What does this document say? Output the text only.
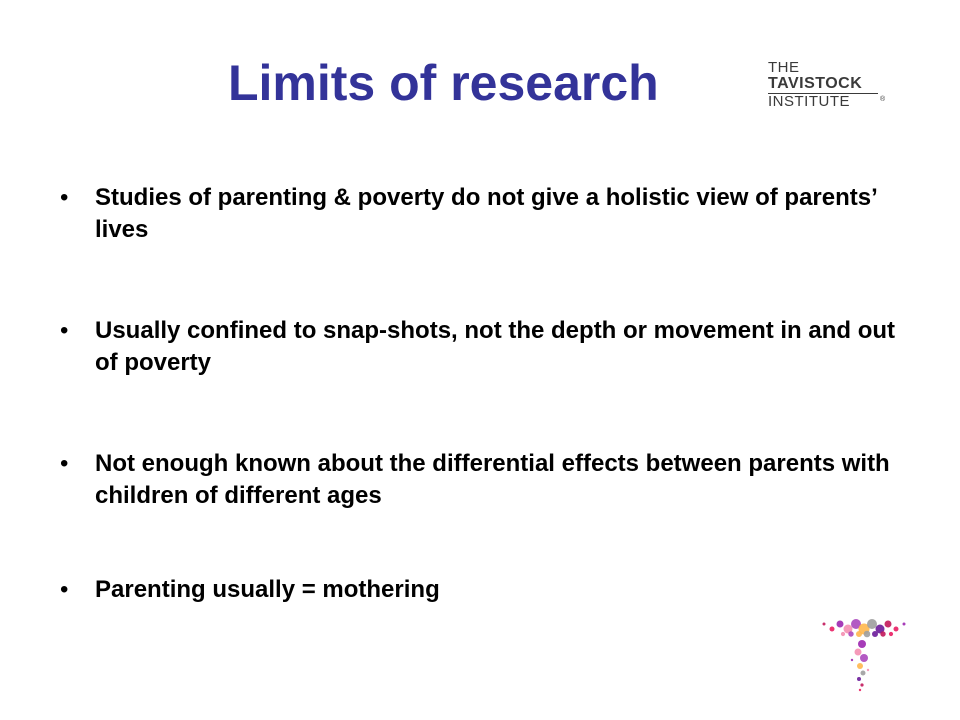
Limits of research	THE
TAVISTOCK
INSTITUTE	®
• Studies of parenting & poverty do not give a holistic view of parents’ lives
• Usually confined to snap-shots, not the depth or movement in and out of poverty
• Not enough known about the differential effects between parents with children of different ages
• Parenting usually = mothering
